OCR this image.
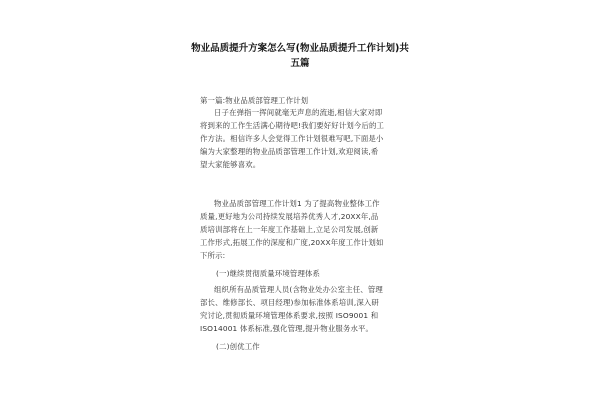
物业品质提升方案怎么写(物业品质提升工作计划)共
五篇
第一篇:物业品质部管理工作计划
日子在弹指一挥间就毫无声息的流逝,相信大家对即
将到来的工作生活满心期待吧!我们要好好计划今后的工
作方法。相信许多人会觉得工作计划很难写吧,下面是小
编为大家整理的物业品质部管理工作计划,欢迎阅读,希
望大家能够喜欢。
物业品质部管理工作计划1 为了提高物业整体工作
质量,更好地为公司持续发展培养优秀人才,20XX年,品
质培训部将在上一年度工作基础上,立足公司发展,创新
工作形式,拓展工作的深度和广度,20XX年度工作计划如
下所示:
(一)继续贯彻质量环境管理体系
组织所有品质管理人员(含物业处办公室主任、管理
部长、维修部长、项目经理)参加标准体系培训,深入研
究讨论,贯彻质量环境管理体系要求,按照 ISO9001 和
ISO14001 体系标准,强化管理,提升物业服务水平。
(二)创优工作
